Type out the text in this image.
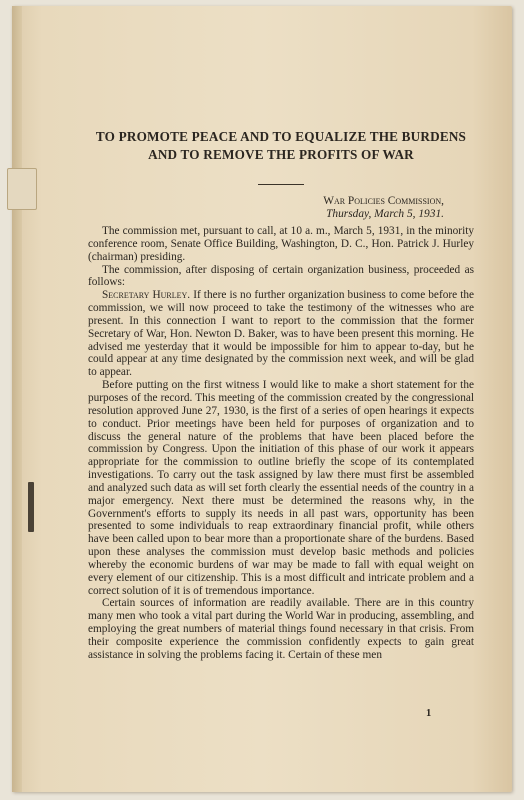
TO PROMOTE PEACE AND TO EQUALIZE THE BURDENS
AND TO REMOVE THE PROFITS OF WAR

War Policies Commission,
Thursday, March 5, 1931.

The commission met, pursuant to call, at 10 a. m., March 5, 1931, in the minority conference room, Senate Office Building, Washington, D. C., Hon. Patrick J. Hurley (chairman) presiding.

The commission, after disposing of certain organization business, proceeded as follows:

Secretary Hurley. If there is no further organization business to come before the commission, we will now proceed to take the testimony of the witnesses who are present. In this connection I want to report to the commission that the former Secretary of War, Hon. Newton D. Baker, was to have been present this morning. He advised me yesterday that it would be impossible for him to appear to-day, but he could appear at any time designated by the commission next week, and will be glad to appear.

Before putting on the first witness I would like to make a short statement for the purposes of the record. This meeting of the commission created by the congressional resolution approved June 27, 1930, is the first of a series of open hearings it expects to conduct. Prior meetings have been held for purposes of organization and to discuss the general nature of the problems that have been placed before the commission by Congress. Upon the initiation of this phase of our work it appears appropriate for the commission to outline briefly the scope of its contemplated investigations. To carry out the task assigned by law there must first be assembled and analyzed such data as will set forth clearly the essential needs of the country in a major emergency. Next there must be determined the reasons why, in the Government's efforts to supply its needs in all past wars, opportunity has been presented to some individuals to reap extraordinary financial profit, while others have been called upon to bear more than a proportionate share of the burdens. Based upon these analyses the commission must develop basic methods and policies whereby the economic burdens of war may be made to fall with equal weight on every element of our citizenship. This is a most difficult and intricate problem and a correct solution of it is of tremendous importance.

Certain sources of information are readily available. There are in this country many men who took a vital part during the World War in producing, assembling, and employing the great numbers of material things found necessary in that crisis. From their composite experience the commission confidently expects to gain great assistance in solving the problems facing it. Certain of these men

1
